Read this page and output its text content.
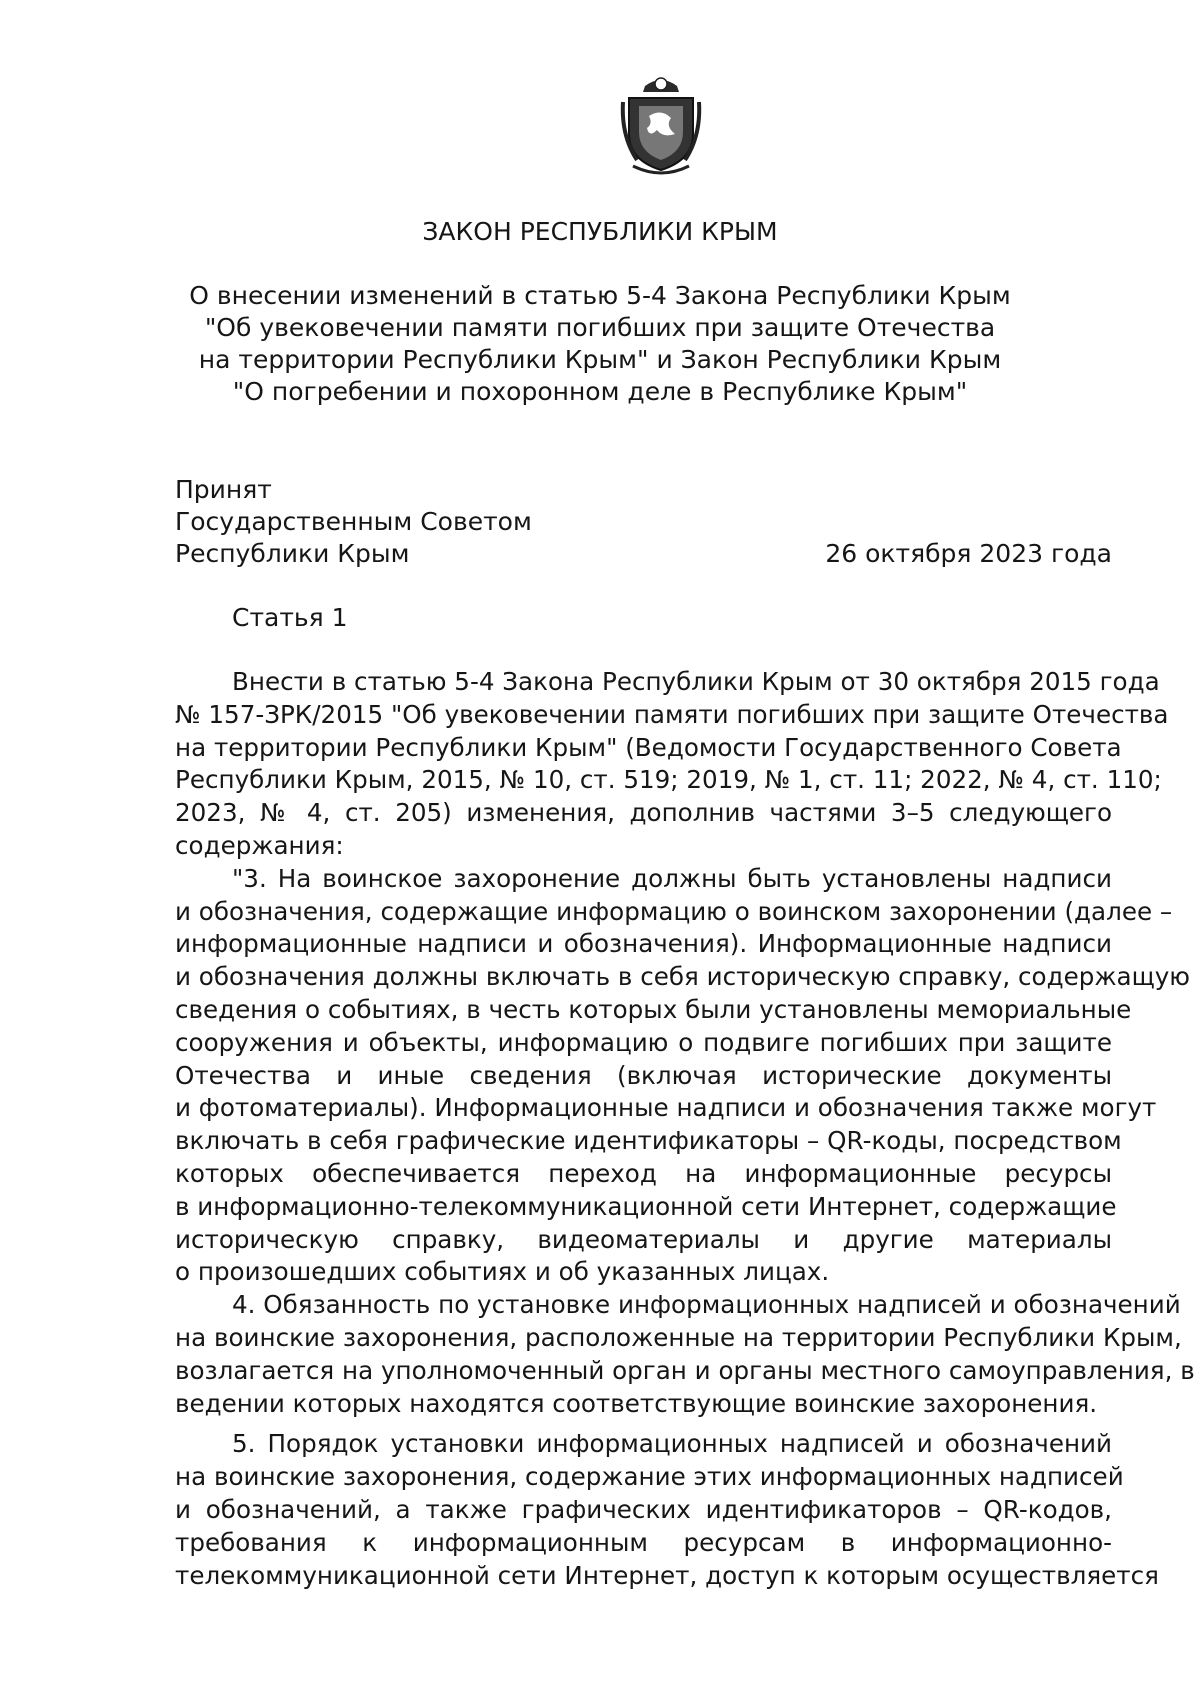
ЗАКОН РЕСПУБЛИКИ КРЫМ
О внесении изменений в статью 5-4 Закона Республики Крым
"Об увековечении памяти погибших при защите Отечества
на территории Республики Крым" и Закон Республики Крым
"О погребении и похоронном деле в Республике Крым"
Принят
Государственным Советом
Республики Крым	26 октября 2023 года
Статья 1
Внести в статью 5-4 Закона Республики Крым от 30 октября 2015 года
№ 157-ЗРК/2015 "Об увековечении памяти погибших при защите Отечества
на территории Республики Крым" (Ведомости Государственного Совета
Республики Крым, 2015, № 10, ст. 519; 2019, № 1, ст. 11; 2022, № 4, ст. 110;
2023, № 4, ст. 205) изменения, дополнив частями 3–5 следующего
содержания:
"3. На воинское захоронение должны быть установлены надписи
и обозначения, содержащие информацию о воинском захоронении (далее –
информационные надписи и обозначения). Информационные надписи
и обозначения должны включать в себя историческую справку, содержащую
сведения о событиях, в честь которых были установлены мемориальные
сооружения и объекты, информацию о подвиге погибших при защите
Отечества и иные сведения (включая исторические документы
и фотоматериалы). Информационные надписи и обозначения также могут
включать в себя графические идентификаторы – QR-коды, посредством
которых обеспечивается переход на информационные ресурсы
в информационно-телекоммуникационной сети Интернет, содержащие
историческую справку, видеоматериалы и другие материалы
о произошедших событиях и об указанных лицах.
4. Обязанность по установке информационных надписей и обозначений
на воинские захоронения, расположенные на территории Республики Крым,
возлагается на уполномоченный орган и органы местного самоуправления, в
ведении которых находятся соответствующие воинские захоронения.
5. Порядок установки информационных надписей и обозначений
на воинские захоронения, содержание этих информационных надписей
и обозначений, а также графических идентификаторов – QR-кодов,
требования к информационным ресурсам в информационно-
телекоммуникационной сети Интернет, доступ к которым осуществляется
